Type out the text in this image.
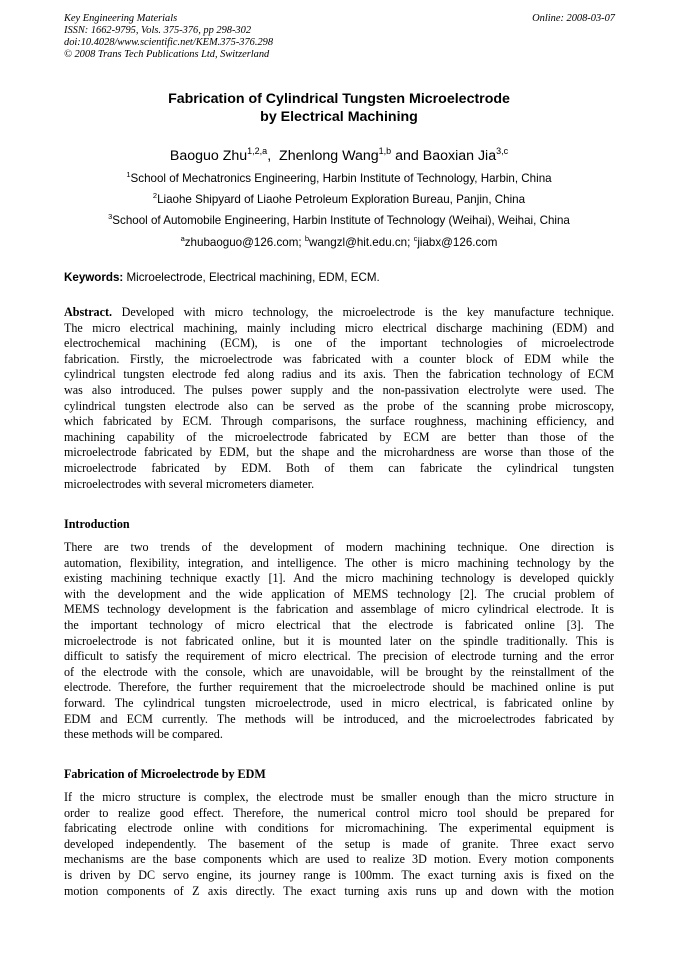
Key Engineering Materials
ISSN: 1662-9795, Vols. 375-376, pp 298-302
doi:10.4028/www.scientific.net/KEM.375-376.298
© 2008 Trans Tech Publications Ltd, Switzerland
Online: 2008-03-07
Fabrication of Cylindrical Tungsten Microelectrode
by Electrical Machining
Baoguo Zhu$^{1,2,a}$,  Zhenlong Wang$^{1,b}$ and Baoxian Jia$^{3,c}$
$^1$School of Mechatronics Engineering, Harbin Institute of Technology, Harbin, China
$^2$Liaohe Shipyard of Liaohe Petroleum Exploration Bureau, Panjin, China
$^3$School of Automobile Engineering, Harbin Institute of Technology (Weihai), Weihai, China
$^a$zhubaoguo@126.com; $^b$wangzl@hit.edu.cn; $^c$jiabx@126.com
Keywords: Microelectrode, Electrical machining, EDM, ECM.
Abstract. Developed with micro technology, the microelectrode is the key manufacture technique.
The micro electrical machining, mainly including micro electrical discharge machining (EDM) and
electrochemical machining (ECM), is one of the important technologies of microelectrode
fabrication. Firstly, the microelectrode was fabricated with a counter block of EDM while the
cylindrical tungsten electrode fed along radius and its axis. Then the fabrication technology of ECM
was also introduced. The pulses power supply and the non-passivation electrolyte were used. The
cylindrical tungsten electrode also can be served as the probe of the scanning probe microscopy,
which fabricated by ECM. Through comparisons, the surface roughness, machining efficiency, and
machining capability of the microelectrode fabricated by ECM are better than those of the
microelectrode fabricated by EDM, but the shape and the microhardness are worse than those of the
microelectrode fabricated by EDM. Both of them can fabricate the cylindrical tungsten
microelectrodes with several micrometers diameter.
Introduction
There are two trends of the development of modern machining technique. One direction is
automation, flexibility, integration, and intelligence. The other is micro machining technology by the
existing machining technique exactly [1]. And the micro machining technology is developed quickly
with the development and the wide application of MEMS technology [2]. The crucial problem of
MEMS technology development is the fabrication and assemblage of micro cylindrical electrode. It is
the important technology of micro electrical that the electrode is fabricated online [3]. The
microelectrode is not fabricated online, but it is mounted later on the spindle traditionally. This is
difficult to satisfy the requirement of micro electrical. The precision of electrode turning and the error
of the electrode with the console, which are unavoidable, will be brought by the reinstallment of the
electrode. Therefore, the further requirement that the microelectrode should be machined online is put
forward. The cylindrical tungsten microelectrode, used in micro electrical, is fabricated online by
EDM and ECM currently. The methods will be introduced, and the microelectrodes fabricated by
these methods will be compared.
Fabrication of Microelectrode by EDM
If the micro structure is complex, the electrode must be smaller enough than the micro structure in
order to realize good effect. Therefore, the numerical control micro tool should be prepared for
fabricating electrode online with conditions for micromachining. The experimental equipment is
developed independently. The basement of the setup is made of granite. Three exact servo
mechanisms are the base components which are used to realize 3D motion. Every motion components
is driven by DC servo engine, its journey range is 100mm. The exact turning axis is fixed on the
motion components of Z axis directly. The exact turning axis runs up and down with the motion
